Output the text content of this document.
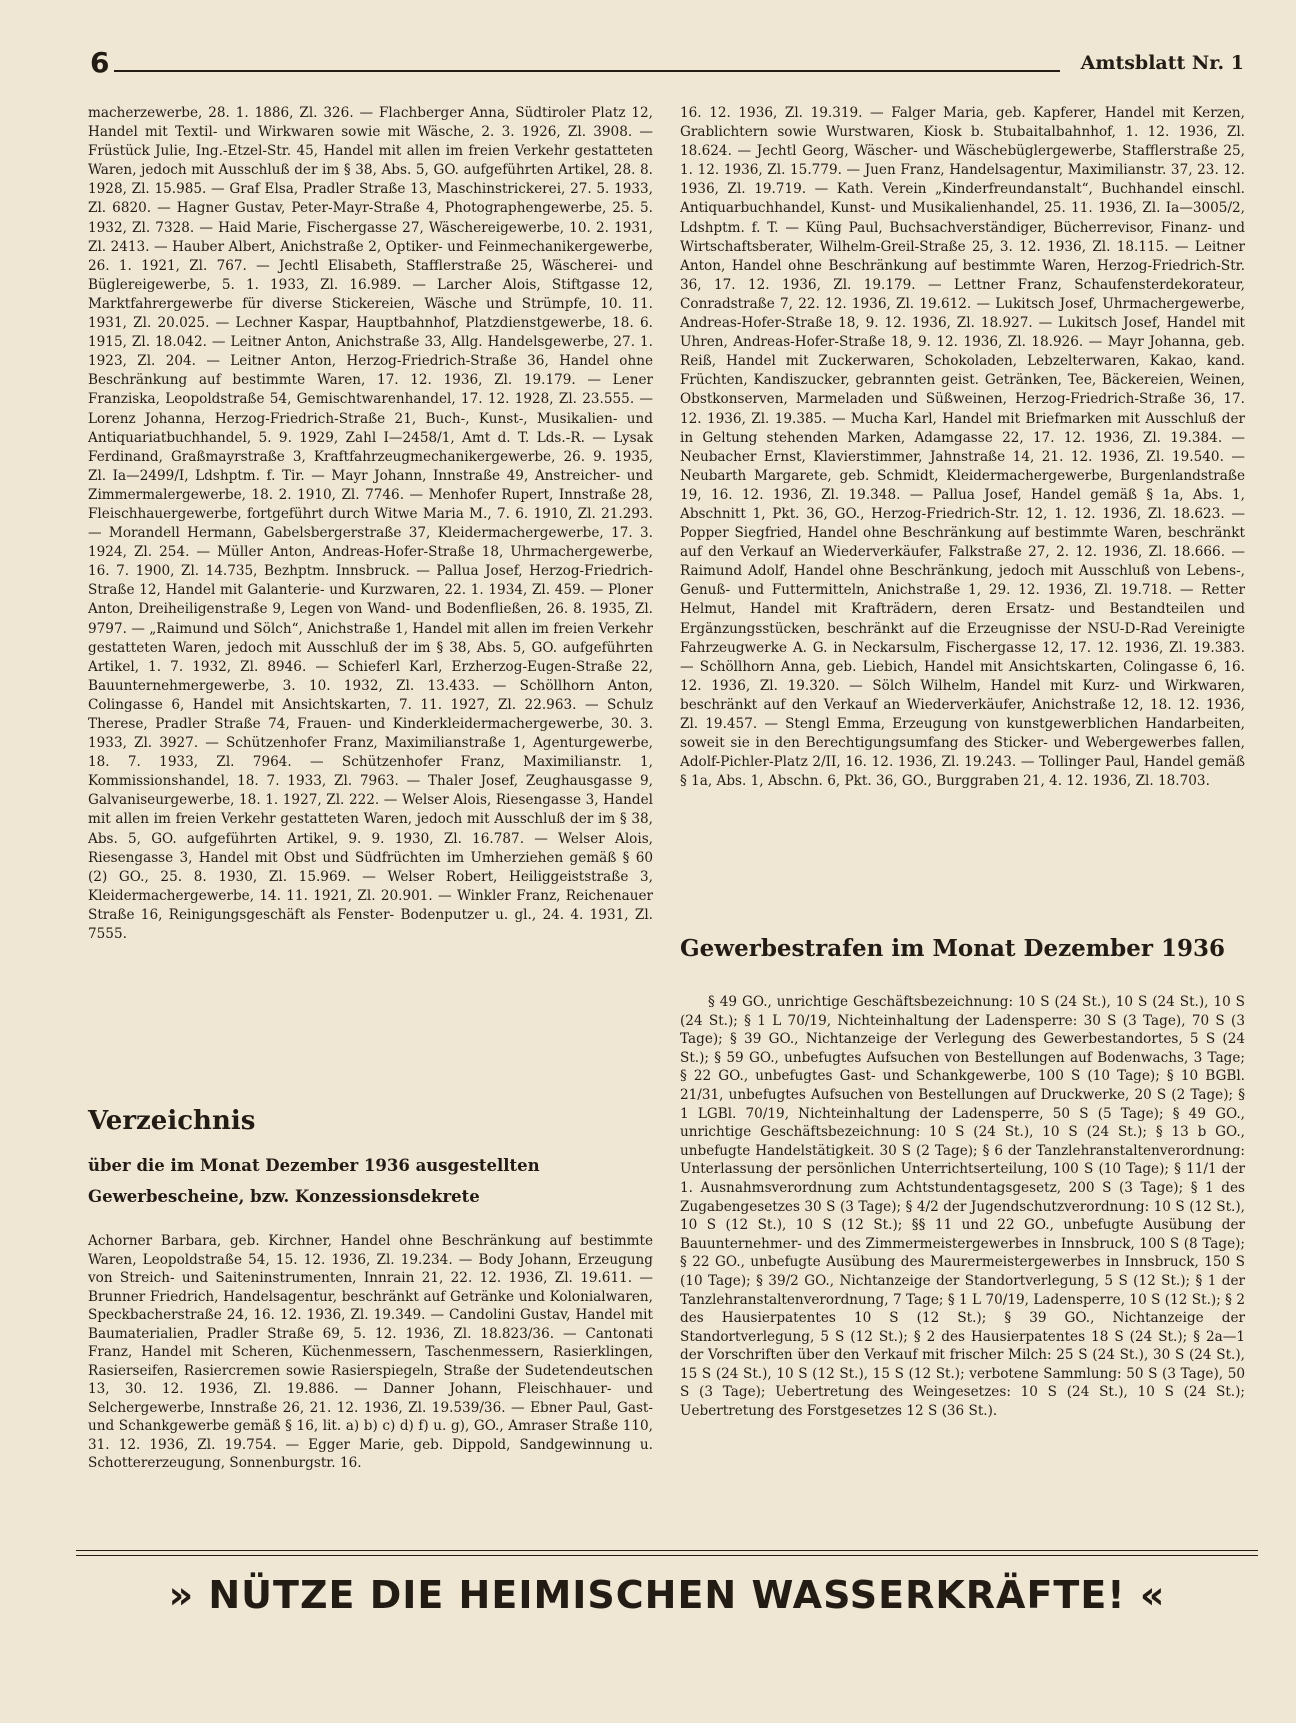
6	Amtsblatt Nr. 1

macherzewerbe, 28. 1. 1886, Zl. 326. — Flachberger Anna, Südtiroler Platz 12, Handel mit Textil- und Wirkwaren sowie mit Wäsche, 2. 3. 1926, Zl. 3908. — Früstück Julie, Ing.-Etzel-Str. 45, Handel mit allen im freien Verkehr gestatteten Waren, jedoch mit Ausschluß der im § 38, Abs. 5, GO. aufgeführten Artikel, 28. 8. 1928, Zl. 15.985. — Graf Elsa, Pradler Straße 13, Maschinstrickerei, 27. 5. 1933, Zl. 6820. — Hagner Gustav, Peter-Mayr-Straße 4, Photographengewerbe, 25. 5. 1932, Zl. 7328. — Haid Marie, Fischergasse 27, Wäschereigewerbe, 10. 2. 1931, Zl. 2413. — Hauber Albert, Anichstraße 2, Optiker- und Feinmechanikergewerbe, 26. 1. 1921, Zl. 767. — Jechtl Elisabeth, Stafflerstraße 25, Wäscherei- und Büglereigewerbe, 5. 1. 1933, Zl. 16.989. — Larcher Alois, Stiftgasse 12, Marktfahrergewerbe für diverse Stickereien, Wäsche und Strümpfe, 10. 11. 1931, Zl. 20.025. — Lechner Kaspar, Hauptbahnhof, Platzdienstgewerbe, 18. 6. 1915, Zl. 18.042. — Leitner Anton, Anichstraße 33, Allg. Handelsgewerbe, 27. 1. 1923, Zl. 204. — Leitner Anton, Herzog-Friedrich-Straße 36, Handel ohne Beschränkung auf bestimmte Waren, 17. 12. 1936, Zl. 19.179. — Lener Franziska, Leopoldstraße 54, Gemischtwarenhandel, 17. 12. 1928, Zl. 23.555. — Lorenz Johanna, Herzog-Friedrich-Straße 21, Buch-, Kunst-, Musikalien- und Antiquariatbuchhandel, 5. 9. 1929, Zahl I—2458/1, Amt d. T. Lds.-R. — Lysak Ferdinand, Graßmayrstraße 3, Kraftfahrzeugmechanikergewerbe, 26. 9. 1935, Zl. Ia—2499/I, Ldshptm. f. Tir. — Mayr Johann, Innstraße 49, Anstreicher- und Zimmermalergewerbe, 18. 2. 1910, Zl. 7746. — Menhofer Rupert, Innstraße 28, Fleischhauergewerbe, fortgeführt durch Witwe Maria M., 7. 6. 1910, Zl. 21.293. — Morandell Hermann, Gabelsbergerstraße 37, Kleidermachergewerbe, 17. 3. 1924, Zl. 254. — Müller Anton, Andreas-Hofer-Straße 18, Uhrmachergewerbe, 16. 7. 1900, Zl. 14.735, Bezhptm. Innsbruck. — Pallua Josef, Herzog-Friedrich-Straße 12, Handel mit Galanterie- und Kurzwaren, 22. 1. 1934, Zl. 459. — Ploner Anton, Dreiheiligenstraße 9, Legen von Wand- und Bodenfließen, 26. 8. 1935, Zl. 9797. — „Raimund und Sölch“, Anichstraße 1, Handel mit allen im freien Verkehr gestatteten Waren, jedoch mit Ausschluß der im § 38, Abs. 5, GO. aufgeführten Artikel, 1. 7. 1932, Zl. 8946. — Schieferl Karl, Erzherzog-Eugen-Straße 22, Bauunternehmergewerbe, 3. 10. 1932, Zl. 13.433. — Schöllhorn Anton, Colingasse 6, Handel mit Ansichtskarten, 7. 11. 1927, Zl. 22.963. — Schulz Therese, Pradler Straße 74, Frauen- und Kinderkleidermachergewerbe, 30. 3. 1933, Zl. 3927. — Schützenhofer Franz, Maximilianstraße 1, Agenturgewerbe, 18. 7. 1933, Zl. 7964. — Schützenhofer Franz, Maximilianstr. 1, Kommissionshandel, 18. 7. 1933, Zl. 7963. — Thaler Josef, Zeughausgasse 9, Galvaniseurgewerbe, 18. 1. 1927, Zl. 222. — Welser Alois, Riesengasse 3, Handel mit allen im freien Verkehr gestatteten Waren, jedoch mit Ausschluß der im § 38, Abs. 5, GO. aufgeführten Artikel, 9. 9. 1930, Zl. 16.787. — Welser Alois, Riesengasse 3, Handel mit Obst und Südfrüchten im Umherziehen gemäß § 60 (2) GO., 25. 8. 1930, Zl. 15.969. — Welser Robert, Heiliggeiststraße 3, Kleidermachergewerbe, 14. 11. 1921, Zl. 20.901. — Winkler Franz, Reichenauer Straße 16, Reinigungsgeschäft als Fenster- Bodenputzer u. gl., 24. 4. 1931, Zl. 7555.

Verzeichnis
über die im Monat Dezember 1936 ausgestellten Gewerbescheine, bzw. Konzessionsdekrete

Achorner Barbara, geb. Kirchner, Handel ohne Beschränkung auf bestimmte Waren, Leopoldstraße 54, 15. 12. 1936, Zl. 19.234. — Body Johann, Erzeugung von Streich- und Saiteninstrumenten, Innrain 21, 22. 12. 1936, Zl. 19.611. — Brunner Friedrich, Handelsagentur, beschränkt auf Getränke und Kolonialwaren, Speckbacherstraße 24, 16. 12. 1936, Zl. 19.349. — Candolini Gustav, Handel mit Baumaterialien, Pradler Straße 69, 5. 12. 1936, Zl. 18.823/36. — Cantonati Franz, Handel mit Scheren, Küchenmessern, Taschenmessern, Rasierklingen, Rasierseifen, Rasiercremen sowie Rasierspiegeln, Straße der Sudetendeutschen 13, 30. 12. 1936, Zl. 19.886. — Danner Johann, Fleischhauer- und Selchergewerbe, Innstraße 26, 21. 12. 1936, Zl. 19.539/36. — Ebner Paul, Gast- und Schankgewerbe gemäß § 16, lit. a) b) c) d) f) u. g), GO., Amraser Straße 110, 31. 12. 1936, Zl. 19.754. — Egger Marie, geb. Dippold, Sandgewinnung u. Schottererzeugung, Sonnenburgstr. 16.

16. 12. 1936, Zl. 19.319. — Falger Maria, geb. Kapferer, Handel mit Kerzen, Grablichtern sowie Wurstwaren, Kiosk b. Stubaitalbahnhof, 1. 12. 1936, Zl. 18.624. — Jechtl Georg, Wäscher- und Wäschebüglergewerbe, Stafflerstraße 25, 1. 12. 1936, Zl. 15.779. — Juen Franz, Handelsagentur, Maximilianstr. 37, 23. 12. 1936, Zl. 19.719. — Kath. Verein „Kinderfreundanstalt“, Buchhandel einschl. Antiquarbuchhandel, Kunst- und Musikalienhandel, 25. 11. 1936, Zl. Ia—3005/2, Ldshptm. f. T. — Küng Paul, Buchsachverständiger, Bücherrevisor, Finanz- und Wirtschaftsberater, Wilhelm-Greil-Straße 25, 3. 12. 1936, Zl. 18.115. — Leitner Anton, Handel ohne Beschränkung auf bestimmte Waren, Herzog-Friedrich-Str. 36, 17. 12. 1936, Zl. 19.179. — Lettner Franz, Schaufensterdekorateur, Conradstraße 7, 22. 12. 1936, Zl. 19.612. — Lukitsch Josef, Uhrmachergewerbe, Andreas-Hofer-Straße 18, 9. 12. 1936, Zl. 18.927. — Lukitsch Josef, Handel mit Uhren, Andreas-Hofer-Straße 18, 9. 12. 1936, Zl. 18.926. — Mayr Johanna, geb. Reiß, Handel mit Zuckerwaren, Schokoladen, Lebzelterwaren, Kakao, kand. Früchten, Kandiszucker, gebrannten geist. Getränken, Tee, Bäckereien, Weinen, Obstkonserven, Marmeladen und Süßweinen, Herzog-Friedrich-Straße 36, 17. 12. 1936, Zl. 19.385. — Mucha Karl, Handel mit Briefmarken mit Ausschluß der in Geltung stehenden Marken, Adamgasse 22, 17. 12. 1936, Zl. 19.384. — Neubacher Ernst, Klavierstimmer, Jahnstraße 14, 21. 12. 1936, Zl. 19.540. — Neubarth Margarete, geb. Schmidt, Kleidermachergewerbe, Burgenlandstraße 19, 16. 12. 1936, Zl. 19.348. — Pallua Josef, Handel gemäß § 1a, Abs. 1, Abschnitt 1, Pkt. 36, GO., Herzog-Friedrich-Str. 12, 1. 12. 1936, Zl. 18.623. — Popper Siegfried, Handel ohne Beschränkung auf bestimmte Waren, beschränkt auf den Verkauf an Wiederverkäufer, Falkstraße 27, 2. 12. 1936, Zl. 18.666. — Raimund Adolf, Handel ohne Beschränkung, jedoch mit Ausschluß von Lebens-, Genuß- und Futtermitteln, Anichstraße 1, 29. 12. 1936, Zl. 19.718. — Retter Helmut, Handel mit Krafträdern, deren Ersatz- und Bestandteilen und Ergänzungsstücken, beschränkt auf die Erzeugnisse der NSU-D-Rad Vereinigte Fahrzeugwerke A. G. in Neckarsulm, Fischergasse 12, 17. 12. 1936, Zl. 19.383. — Schöllhorn Anna, geb. Liebich, Handel mit Ansichtskarten, Colingasse 6, 16. 12. 1936, Zl. 19.320. — Sölch Wilhelm, Handel mit Kurz- und Wirkwaren, beschränkt auf den Verkauf an Wiederverkäufer, Anichstraße 12, 18. 12. 1936, Zl. 19.457. — Stengl Emma, Erzeugung von kunstgewerblichen Handarbeiten, soweit sie in den Berechtigungsumfang des Sticker- und Webergewerbes fallen, Adolf-Pichler-Platz 2/II, 16. 12. 1936, Zl. 19.243. — Tollinger Paul, Handel gemäß § 1a, Abs. 1, Abschn. 6, Pkt. 36, GO., Burggraben 21, 4. 12. 1936, Zl. 18.703.

Gewerbestrafen im Monat Dezember 1936

§ 49 GO., unrichtige Geschäftsbezeichnung: 10 S (24 St.), 10 S (24 St.), 10 S (24 St.); § 1 L 70/19, Nichteinhaltung der Ladensperre: 30 S (3 Tage), 70 S (3 Tage); § 39 GO., Nichtanzeige der Verlegung des Gewerbestandortes, 5 S (24 St.); § 59 GO., unbefugtes Aufsuchen von Bestellungen auf Bodenwachs, 3 Tage; § 22 GO., unbefugtes Gast- und Schankgewerbe, 100 S (10 Tage); § 10 BGBl. 21/31, unbefugtes Aufsuchen von Bestellungen auf Druckwerke, 20 S (2 Tage); § 1 LGBl. 70/19, Nichteinhaltung der Ladensperre, 50 S (5 Tage); § 49 GO., unrichtige Geschäftsbezeichnung: 10 S (24 St.), 10 S (24 St.); § 13 b GO., unbefugte Handelstätigkeit. 30 S (2 Tage); § 6 der Tanzlehranstaltenverordnung: Unterlassung der persönlichen Unterrichtserteilung, 100 S (10 Tage); § 11/1 der 1. Ausnahmsverordnung zum Achtstundentagsgesetz, 200 S (3 Tage); § 1 des Zugabengesetzes 30 S (3 Tage); § 4/2 der Jugendschutzverordnung: 10 S (12 St.), 10 S (12 St.), 10 S (12 St.); §§ 11 und 22 GO., unbefugte Ausübung der Bauunternehmer- und des Zimmermeistergewerbes in Innsbruck, 100 S (8 Tage); § 22 GO., unbefugte Ausübung des Maurermeistergewerbes in Innsbruck, 150 S (10 Tage); § 39/2 GO., Nichtanzeige der Standortverlegung, 5 S (12 St.); § 1 der Tanzlehranstaltenverordnung, 7 Tage; § 1 L 70/19, Ladensperre, 10 S (12 St.); § 2 des Hausierpatentes 10 S (12 St.); § 39 GO., Nichtanzeige der Standortverlegung, 5 S (12 St.); § 2 des Hausierpatentes 18 S (24 St.); § 2a—1 der Vorschriften über den Verkauf mit frischer Milch: 25 S (24 St.), 30 S (24 St.), 15 S (24 St.), 10 S (12 St.), 15 S (12 St.); verbotene Sammlung: 50 S (3 Tage), 50 S (3 Tage); Uebertretung des Weingesetzes: 10 S (24 St.), 10 S (24 St.); Uebertretung des Forstgesetzes 12 S (36 St.).

» NÜTZE DIE HEIMISCHEN WASSERKRÄFTE! «
